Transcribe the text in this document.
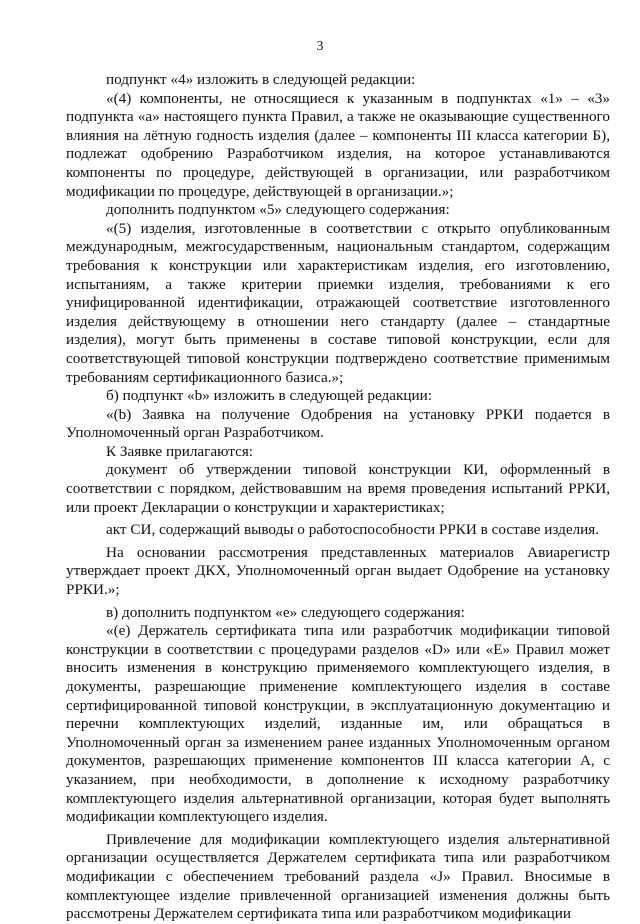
3

подпункт «4» изложить в следующей редакции:

«(4) компоненты, не относящиеся к указанным в подпунктах «1» – «3» подпункта «a» настоящего пункта Правил, а также не оказывающие существенного влияния на лётную годность изделия (далее – компоненты III класса категории Б), подлежат одобрению Разработчиком изделия, на которое устанавливаются компоненты по процедуре, действующей в организации, или разработчиком модификации по процедуре, действующей в организации.»;

дополнить подпунктом «5» следующего содержания:

«(5) изделия, изготовленные в соответствии с открыто опубликованным международным, межгосударственным, национальным стандартом, содержащим требования к конструкции или характеристикам изделия, его изготовлению, испытаниям, а также критерии приемки изделия, требованиями к его унифицированной идентификации, отражающей соответствие изготовленного изделия действующему в отношении него стандарту (далее – стандартные изделия), могут быть применены в составе типовой конструкции, если для соответствующей типовой конструкции подтверждено соответствие применимым требованиям сертификационного базиса.»;

б) подпункт «b» изложить в следующей редакции:

«(b) Заявка на получение Одобрения на установку РРКИ подается в Уполномоченный орган Разработчиком.

К Заявке прилагаются:

документ об утверждении типовой конструкции КИ, оформленный в соответствии с порядком, действовавшим на время проведения испытаний РРКИ, или проект Декларации о конструкции и характеристиках;

акт СИ, содержащий выводы о работоспособности РРКИ в составе изделия.

На основании рассмотрения представленных материалов Авиарегистр утверждает проект ДКХ, Уполномоченный орган выдает Одобрение на установку РРКИ.»;

в) дополнить подпунктом «e» следующего содержания:

«(e) Держатель сертификата типа или разработчик модификации типовой конструкции в соответствии с процедурами разделов «D» или «E» Правил может вносить изменения в конструкцию применяемого комплектующего изделия, в документы, разрешающие применение комплектующего изделия в составе сертифицированной типовой конструкции, в эксплуатационную документацию и перечни комплектующих изделий, изданные им, или обращаться в Уполномоченный орган за изменением ранее изданных Уполномоченным органом документов, разрешающих применение компонентов III класса категории А, с указанием, при необходимости, в дополнение к исходному разработчику комплектующего изделия альтернативной организации, которая будет выполнять модификации комплектующего изделия.

Привлечение для модификации комплектующего изделия альтернативной организации осуществляется Держателем сертификата типа или разработчиком модификации с обеспечением требований раздела «J» Правил. Вносимые в комплектующее изделие привлеченной организацией изменения должны быть рассмотрены Держателем сертификата типа или разработчиком модификации
